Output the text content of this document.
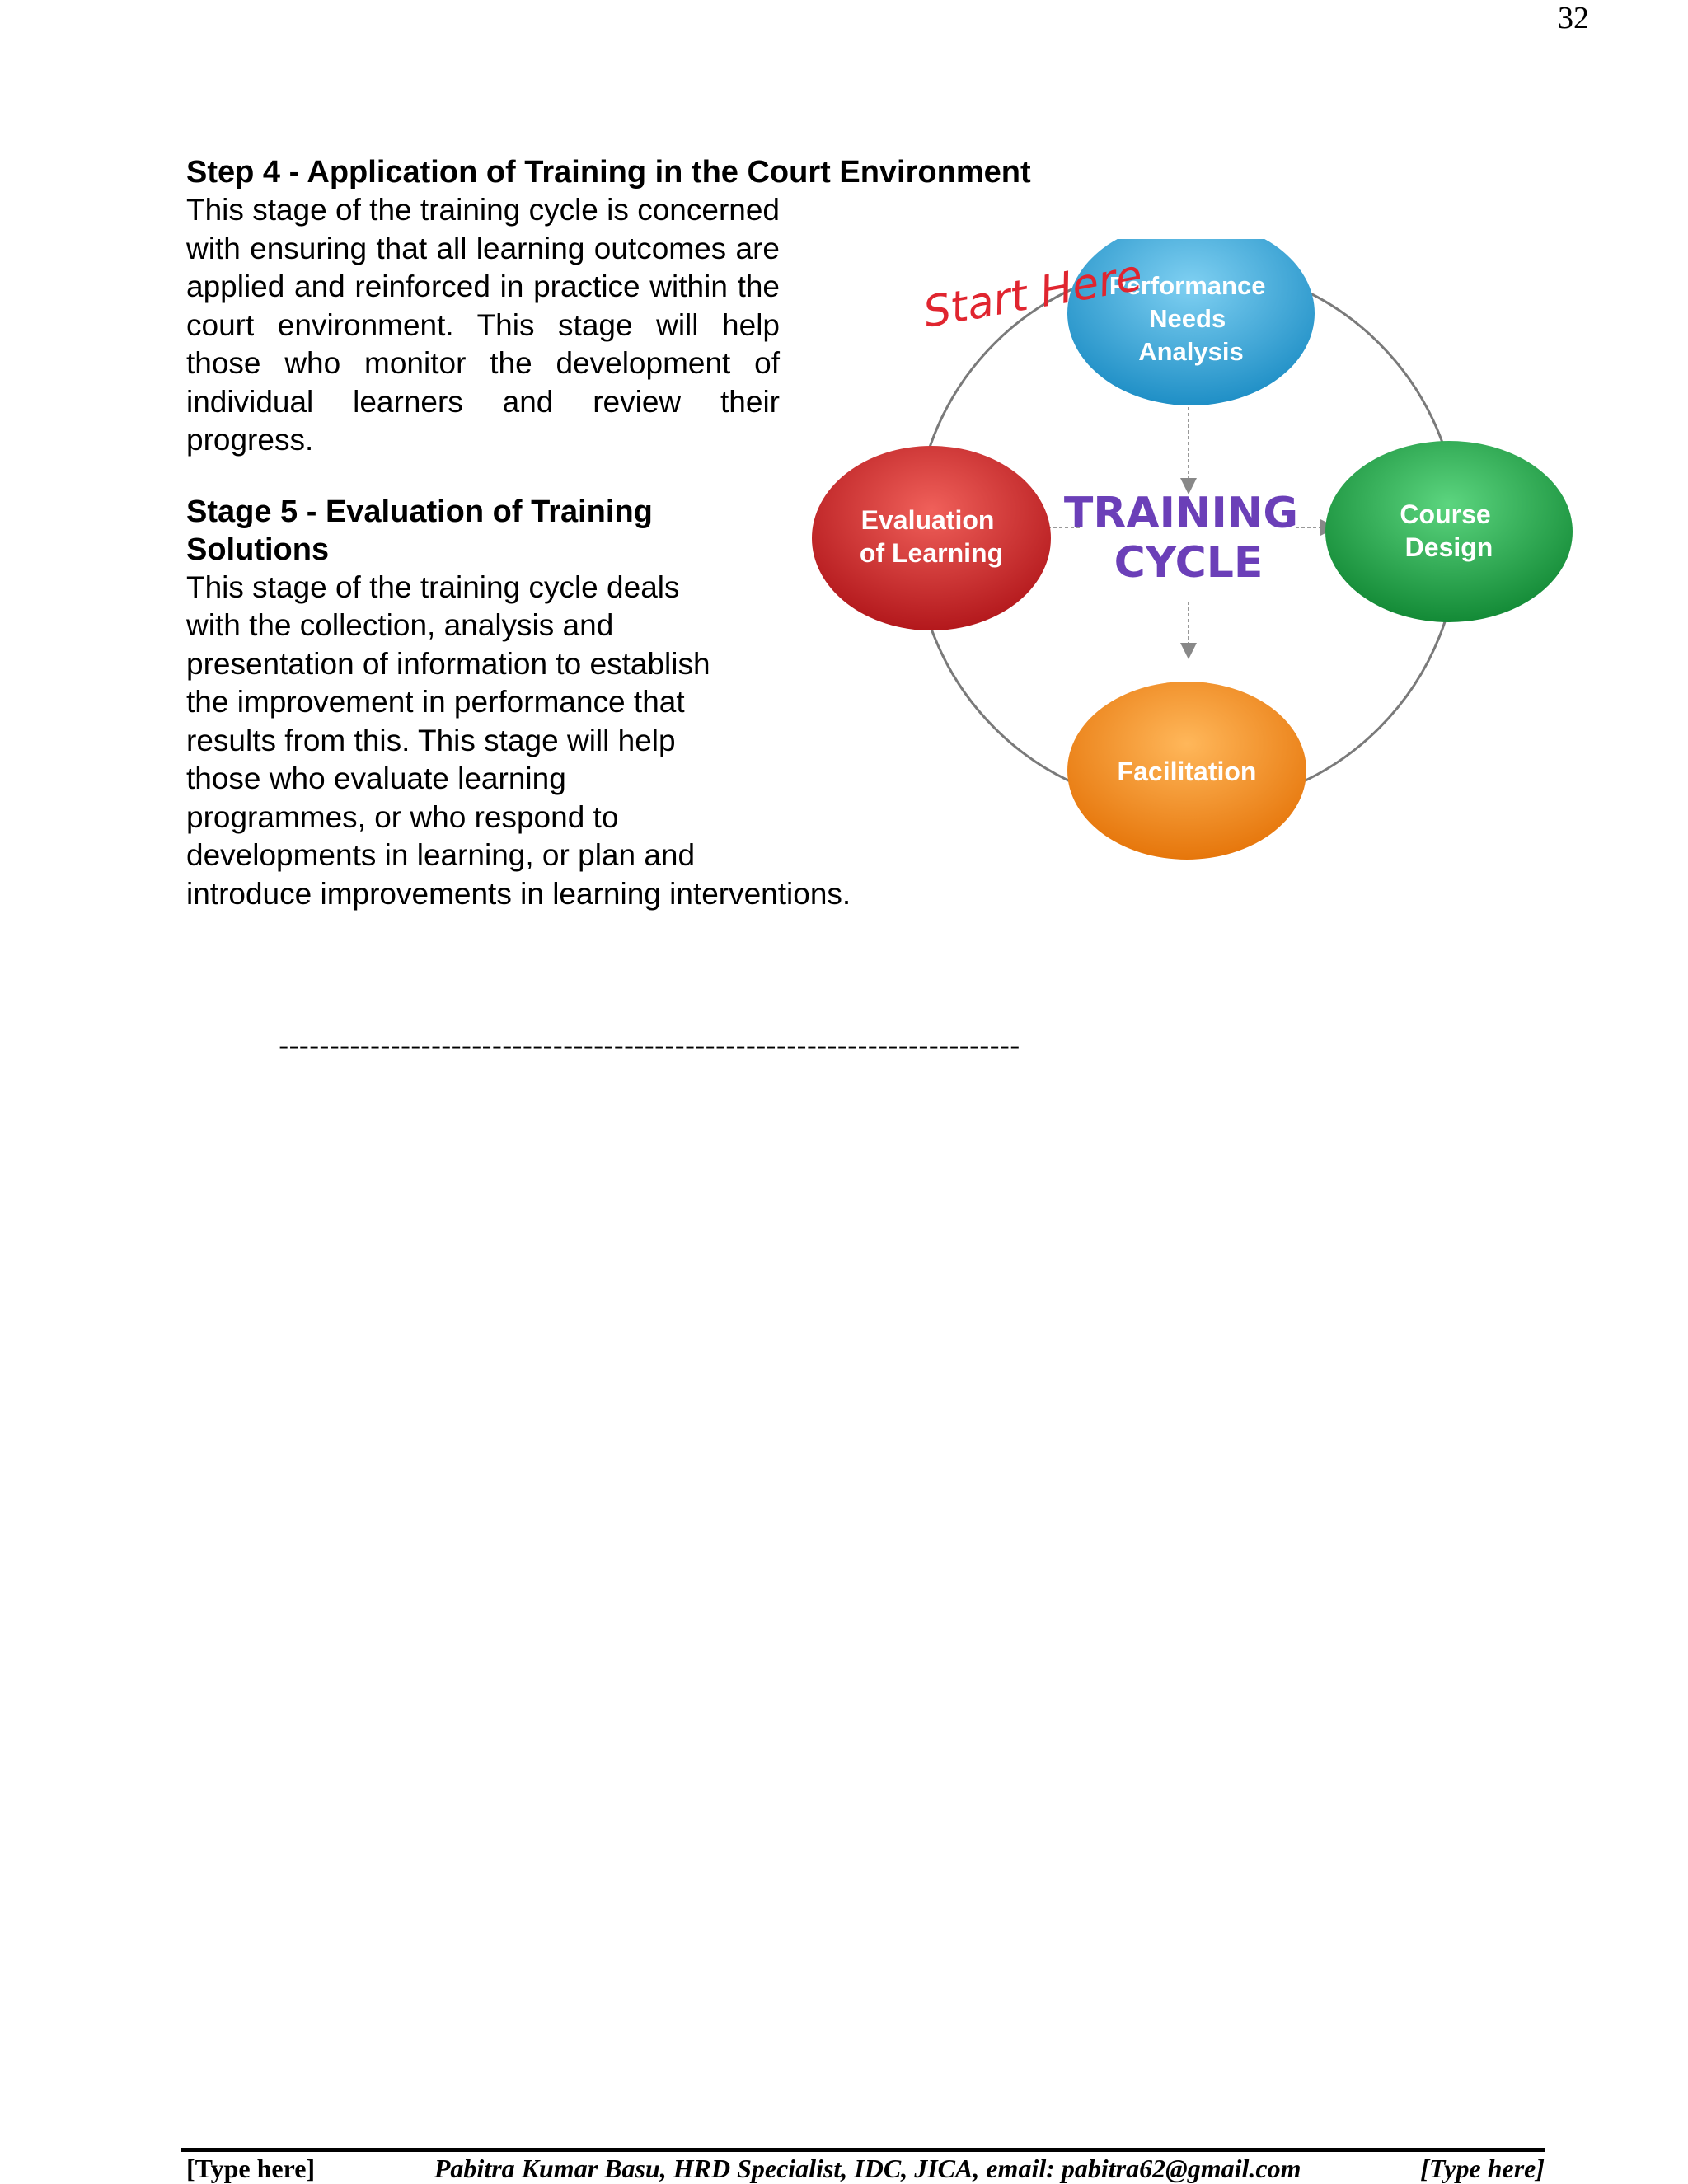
32

Step 4 - Application of Training in the Court Environment

This stage of the training cycle is concerned with ensuring that all learning outcomes are applied and reinforced in practice within the court environment. This stage will help those who monitor the development of individual learners and review their progress.

Stage 5 - Evaluation of Training Solutions

This stage of the training cycle deals

with the collection, analysis and

presentation of information to establish

the improvement in performance that

results from this. This stage will help

those who evaluate learning

programmes, or who respond to

developments in learning, or plan and

introduce improvements in learning interventions.

Performance Needs Analysis
Course Design
Facilitation
Evaluation of Learning
TRAINING CYCLE
Start Here
-------------------------------------------------------------------------
[Type here]	Pabitra Kumar Basu, HRD Specialist, IDC, JICA, email: pabitra62@gmail.com	[Type here]
